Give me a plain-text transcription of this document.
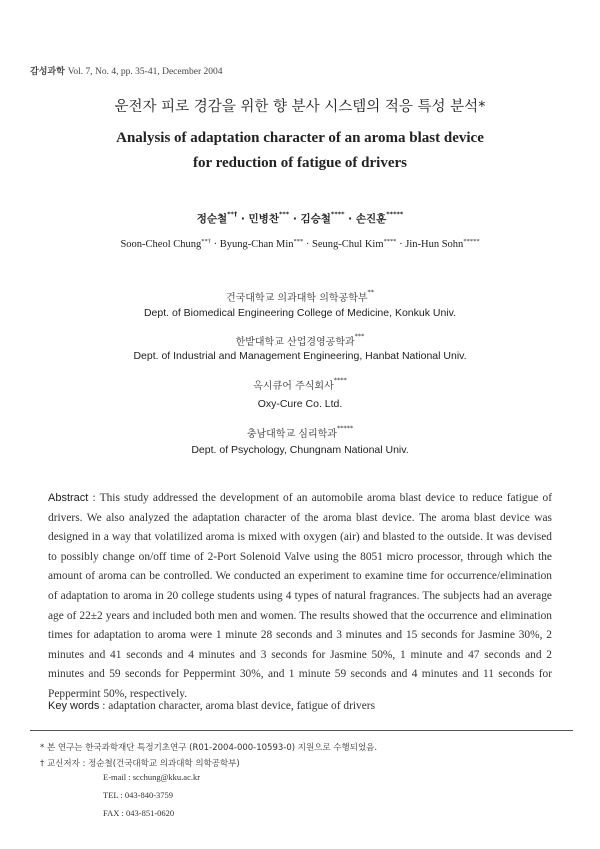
감성과학 Vol. 7, No. 4, pp. 35-41, December 2004
운전자 피로 경감을 위한 향 분사 시스템의 적응 특성 분석*
Analysis of adaptation character of an aroma blast device
for reduction of fatigue of drivers
정순철**† · 민병찬*** · 김승철**** · 손진훈*****
Soon-Cheol Chung**† · Byung-Chan Min*** · Seung-Chul Kim**** · Jin-Hun Sohn*****
건국대학교 의과대학 의학공학부**
Dept. of Biomedical Engineering College of Medicine, Konkuk Univ.
한밭대학교 산업경영공학과***
Dept. of Industrial and Management Engineering, Hanbat National Univ.
옥시큐어 주식회사****
Oxy-Cure Co. Ltd.
충남대학교 심리학과*****
Dept. of Psychology, Chungnam National Univ.
Abstract : This study addressed the development of an automobile aroma blast device to reduce fatigue of drivers. We also analyzed the adaptation character of the aroma blast device. The aroma blast device was designed in a way that volatilized aroma is mixed with oxygen (air) and blasted to the outside. It was devised to possibly change on/off time of 2-Port Solenoid Valve using the 8051 micro processor, through which the amount of aroma can be controlled. We conducted an experiment to examine time for occurrence/elimination of adaptation to aroma in 20 college students using 4 types of natural fragrances. The subjects had an average age of 22±2 years and included both men and women. The results showed that the occurrence and elimination times for adaptation to aroma were 1 minute 28 seconds and 3 minutes and 15 seconds for Jasmine 30%, 2 minutes and 41 seconds and 4 minutes and 3 seconds for Jasmine 50%, 1 minute and 47 seconds and 2 minutes and 59 seconds for Peppermint 30%, and 1 minute 59 seconds and 4 minutes and 11 seconds for Peppermint 50%, respectively.
Key words : adaptation character, aroma blast device, fatigue of drivers
* 본 연구는 한국과학재단 특정기초연구 (R01-2004-000-10593-0) 지원으로 수행되었음.
† 교신저자 : 정순철(건국대학교 의과대학 의학공학부)
E-mail : scchung@kku.ac.kr
TEL : 043-840-3759
FAX : 043-851-0620
